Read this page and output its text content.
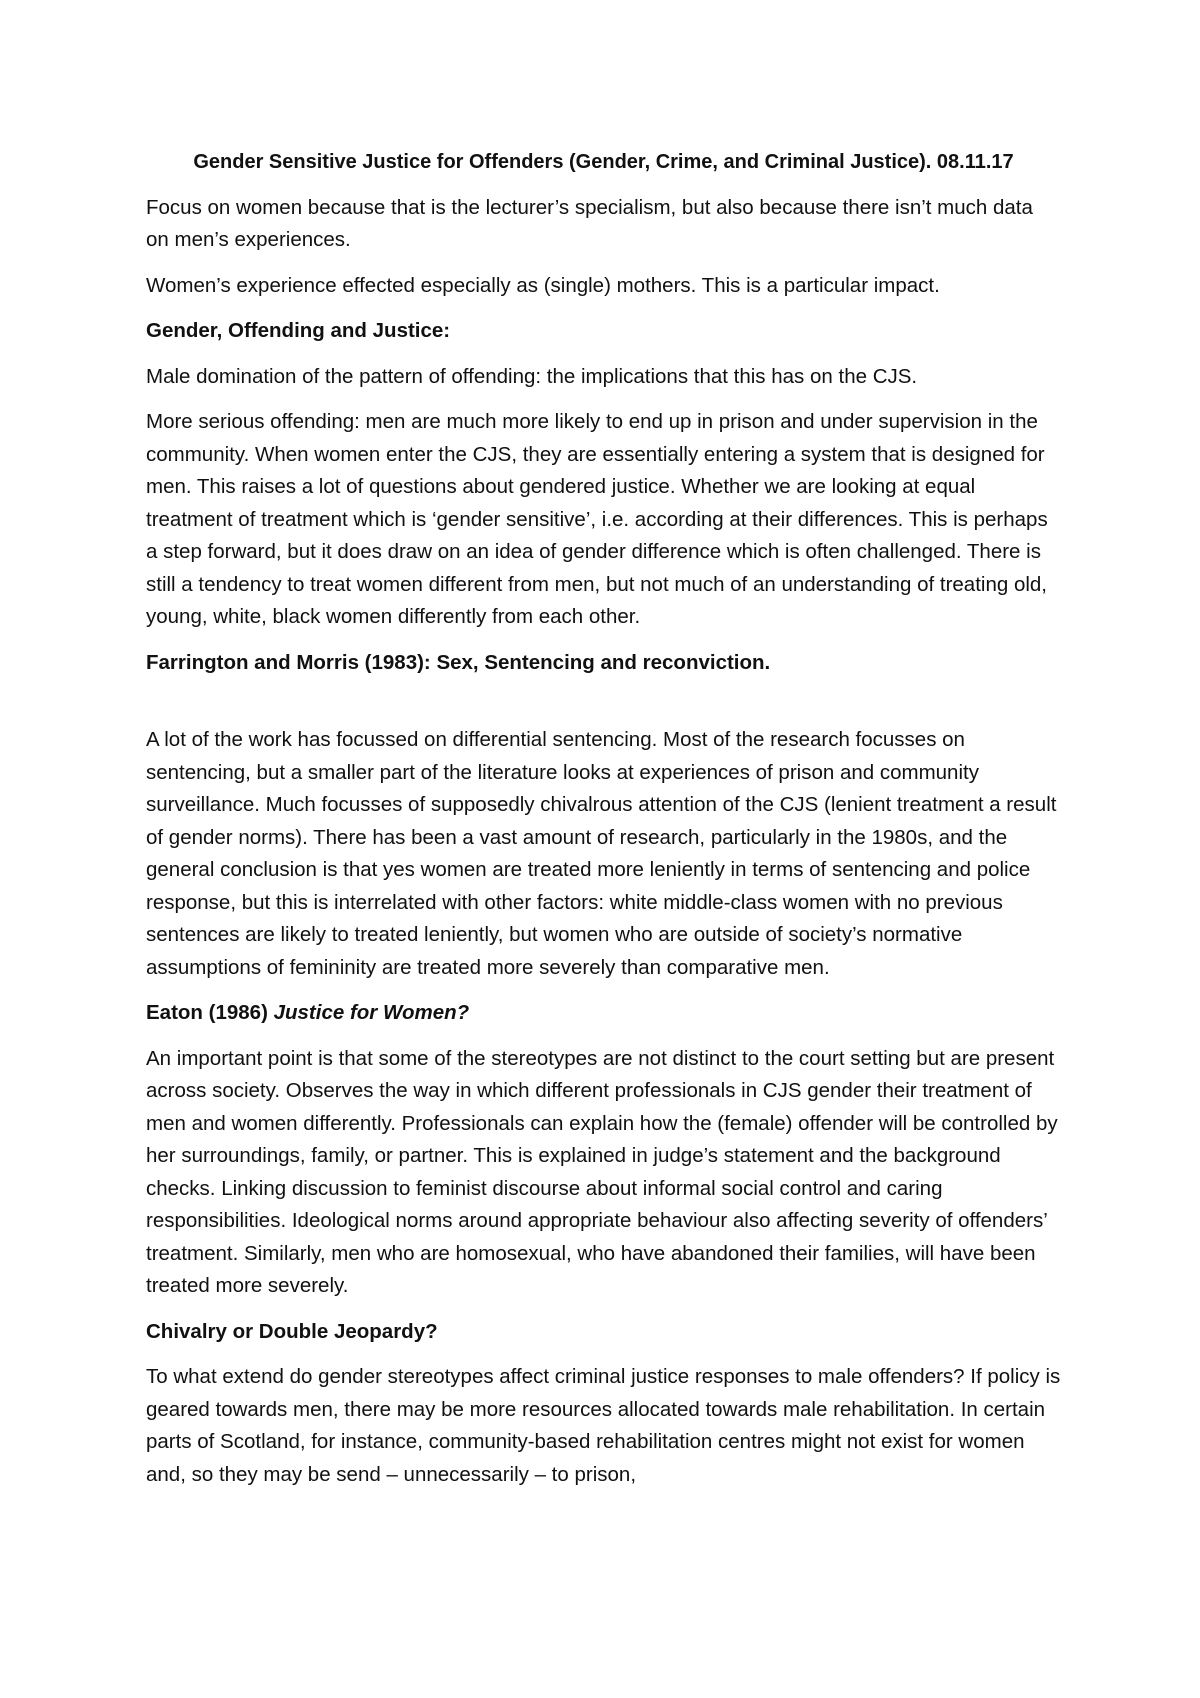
Gender Sensitive Justice for Offenders (Gender, Crime, and Criminal Justice). 08.11.17

Focus on women because that is the lecturer’s specialism, but also because there isn’t much data on men’s experiences.

Women’s experience effected especially as (single) mothers. This is a particular impact.

Gender, Offending and Justice:

Male domination of the pattern of offending: the implications that this has on the CJS.

More serious offending: men are much more likely to end up in prison and under supervision in the community. When women enter the CJS, they are essentially entering a system that is designed for men. This raises a lot of questions about gendered justice. Whether we are looking at equal treatment of treatment which is ‘gender sensitive’, i.e. according at their differences. This is perhaps a step forward, but it does draw on an idea of gender difference which is often challenged. There is still a tendency to treat women different from men, but not much of an understanding of treating old, young, white, black women differently from each other.

Farrington and Morris (1983): Sex, Sentencing and reconviction.

A lot of the work has focussed on differential sentencing. Most of the research focusses on sentencing, but a smaller part of the literature looks at experiences of prison and community surveillance. Much focusses of supposedly chivalrous attention of the CJS (lenient treatment a result of gender norms). There has been a vast amount of research, particularly in the 1980s, and the general conclusion is that yes women are treated more leniently in terms of sentencing and police response, but this is interrelated with other factors: white middle-class women with no previous sentences are likely to treated leniently, but women who are outside of society’s normative assumptions of femininity are treated more severely than comparative men.

Eaton (1986) Justice for Women?

An important point is that some of the stereotypes are not distinct to the court setting but are present across society. Observes the way in which different professionals in CJS gender their treatment of men and women differently. Professionals can explain how the (female) offender will be controlled by her surroundings, family, or partner. This is explained in judge’s statement and the background checks. Linking discussion to feminist discourse about informal social control and caring responsibilities. Ideological norms around appropriate behaviour also affecting severity of offenders’ treatment. Similarly, men who are homosexual, who have abandoned their families, will have been treated more severely.

Chivalry or Double Jeopardy?

To what extend do gender stereotypes affect criminal justice responses to male offenders? If policy is geared towards men, there may be more resources allocated towards male rehabilitation. In certain parts of Scotland, for instance, community-based rehabilitation centres might not exist for women and, so they may be send – unnecessarily – to prison,
